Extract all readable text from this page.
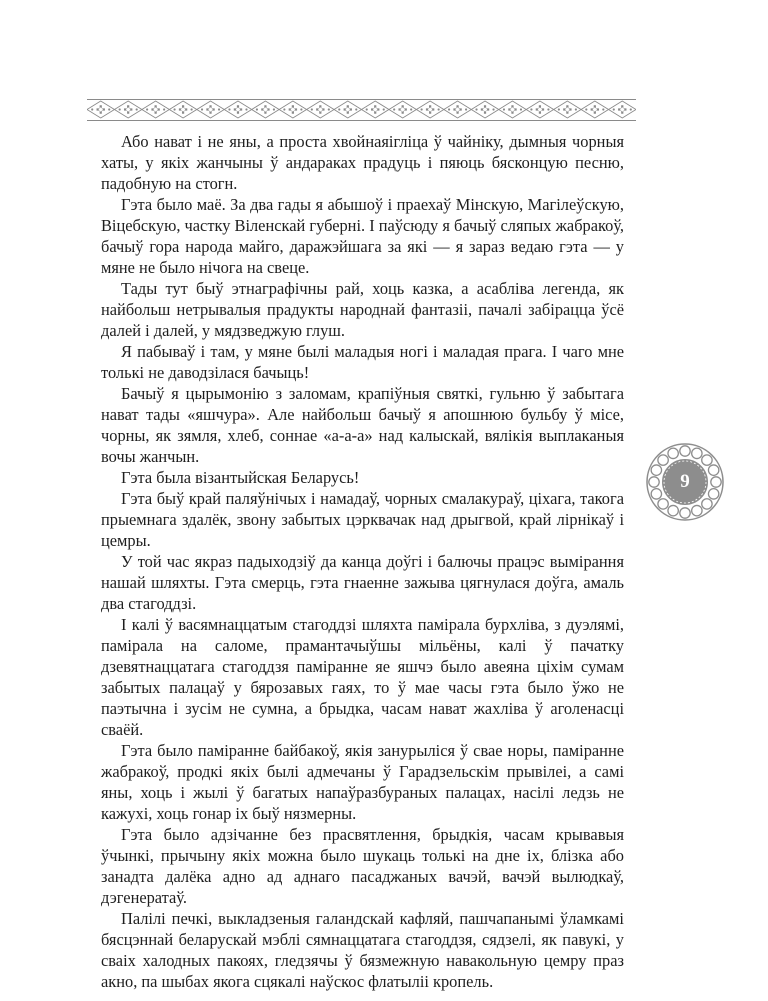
Або нават і не яны, а проста хвойнаяігліца ў чайніку, дымныя чорныя хаты, у якіх жанчыны ў андараках прадуць і пяюць бясконцую песню, падобную на стогн.

Гэта было маё. За два гады я абышоў і праехаў Мінскую, Магілеўскую, Віцебскую, частку Віленскай губерні. І паўсюду я бачыў сляпых жабракоў, бачыў гора народа майго, даражэйшага за які — я зараз ведаю гэта — у мяне не было нічога на свеце.

Тады тут быў этнаграфічны рай, хоць казка, а асабліва легенда, як найбольш нетрывалыя прадукты народнай фантазіі, пачалі забірацца ўсё далей і далей, у мядзведжую глуш.

Я пабываў і там, у мяне былі маладыя ногі і маладая прага. І чаго мне толькі не даводзілася бачыць!

Бачыў я цырымонію з заломам, крапіўныя святкі, гульню ў забытага нават тады «яшчура». Але найбольш бачыў я апошнюю бульбу ў місе, чорны, як зямля, хлеб, соннае «а-а-а» над калыскай, вялікія выплаканыя вочы жанчын.

Гэта была візантыйская Беларусь!

Гэта быў край паляўнічых і намадаў, чорных смалакураў, ціхага, такога прыемнага здалёк, звону забытых цэрквачак над дрыгвой, край лірнікаў і цемры.

У той час якраз падыходзіў да канца доўгі і балючы працэс вымірання нашай шляхты. Гэта смерць, гэта гнаенне зажыва цягнулася доўга, амаль два стагоддзі.

І калі ў васямнаццатым стагоддзі шляхта памірала бурхліва, з дуэлямі, памірала на саломе, прамантачыўшы мільёны, калі ў пачатку дзевятнаццатага стагоддзя паміранне яе яшчэ было авеяна ціхім сумам забытых палацаў у бярозавых гаях, то ў мае часы гэта было ўжо не паэтычна і зусім не сумна, а брыдка, часам нават жахліва ў аголенасці сваёй.

Гэта было паміранне байбакоў, якія занурыліся ў свае норы, паміранне жабракоў, продкі якіх былі адмечаны ў Гарадзельскім прывілеі, а самі яны, хоць і жылі ў багатых напаўразбураных палацах, насілі ледзь не кажухі, хоць гонар іх быў нязмерны.

Гэта было адзічанне без прасвятлення, брыдкія, часам крывавыя ўчынкі, прычыну якіх можна было шукаць толькі на дне іх, блізка або занадта далёка адно ад аднаго пасаджаных вачэй, вачэй вылюдкаў, дэгенератаў.

Палілі печкі, выкладзеныя галандскай кафляй, пашчапанымі ўламкамі бясцэннай беларускай мэблі сямнаццатага стагоддзя, сядзелі, як павукі, у сваіх халодных пакоях, гледзячы ў бязмежную навакольную цемру праз акно, па шыбах якога сцякалі наўскос флатыліі кропель.

9
